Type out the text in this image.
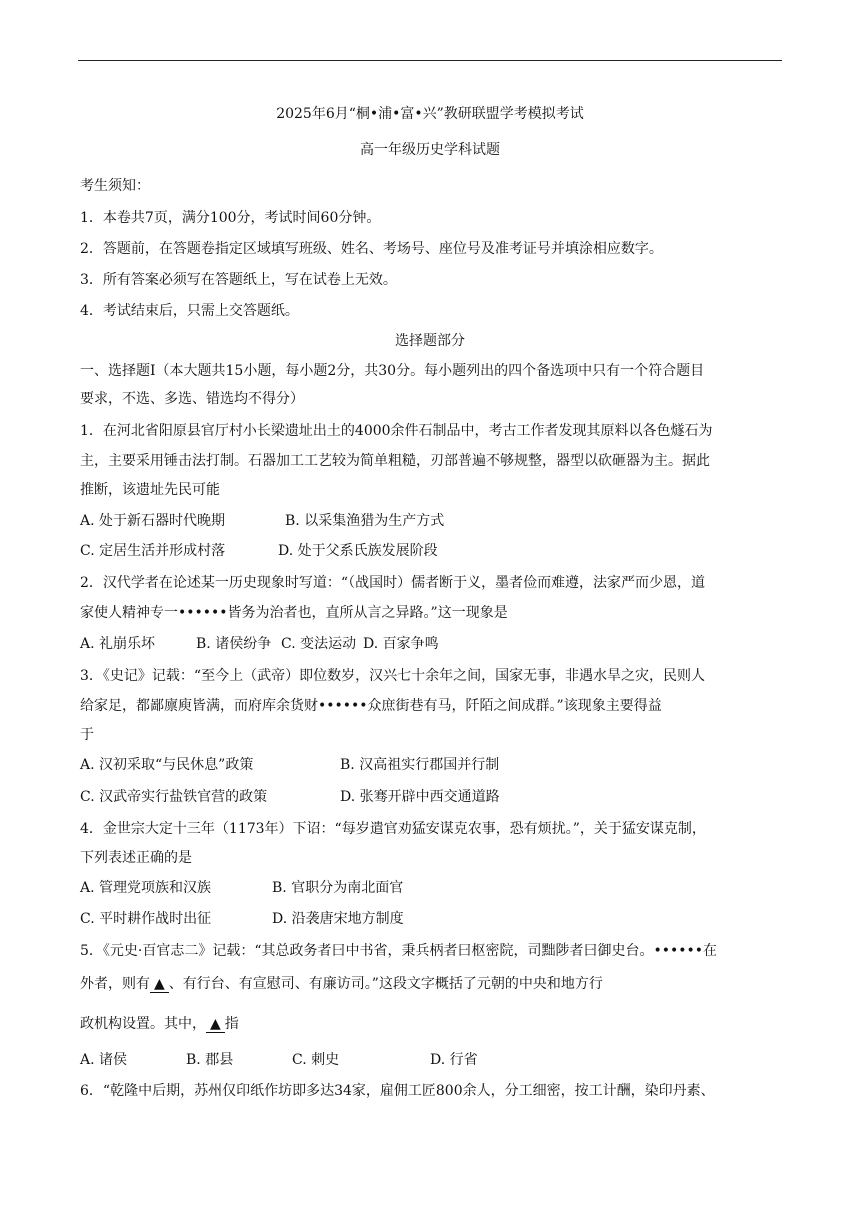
2025年6月“桐•浦•富•兴”教研联盟学考模拟考试
高一年级历史学科试题
考生须知：
1．本卷共7页，满分100分，考试时间60分钟。
2．答题前，在答题卷指定区域填写班级、姓名、考场号、座位号及准考证号并填涂相应数字。
3．所有答案必须写在答题纸上，写在试卷上无效。
4．考试结束后，只需上交答题纸。
选择题部分
一、选择题Ⅰ（本大题共15小题，每小题2分，共30分。每小题列出的四个备选项中只有一个符合题目
要求，不选、多选、错选均不得分）
1．在河北省阳原县官厅村小长梁遗址出土的4000余件石制品中，考古工作者发现其原料以各色燧石为
主，主要采用锤击法打制。石器加工工艺较为简单粗糙，刃部普遍不够规整，器型以砍砸器为主。据此
推断，该遗址先民可能
A. 处于新石器时代晚期	B. 以采集渔猎为生产方式
C. 定居生活并形成村落	D. 处于父系氏族发展阶段
2．汉代学者在论述某一历史现象时写道：“（战国时）儒者断于义，墨者俭而难遵，法家严而少恩，道
家使人精神专一••••••皆务为治者也，直所从言之异路。”这一现象是
A. 礼崩乐坏	B. 诸侯纷争 C. 变法运动 D. 百家争鸣
3．《史记》记载：“至今上（武帝）即位数岁，汉兴七十余年之间，国家无事，非遇水旱之灾，民则人
给家足，都鄙廪庾皆满，而府库余货财••••••众庶街巷有马，阡陌之间成群。”该现象主要得益
于
A. 汉初采取“与民休息”政策	B. 汉高祖实行郡国并行制
C. 汉武帝实行盐铁官营的政策	D. 张骞开辟中西交通道路
4．金世宗大定十三年（1173年）下诏：“每岁遣官劝猛安谋克农事，恐有烦扰。”，关于猛安谋克制，
下列表述正确的是
A. 管理党项族和汉族	B. 官职分为南北面官
C. 平时耕作战时出征	D. 沿袭唐宋地方制度
5．《元史·百官志二》记载：“其总政务者曰中书省，秉兵柄者曰枢密院，司黜陟者曰御史台。••••••在
外者，则有 ▲ 、有行台、有宣慰司、有廉访司。”这段文字概括了元朝的中央和地方行
政机构设置。其中， ▲ 指
A. 诸侯	B. 郡县	C. 刺史	D. 行省
6．“乾隆中后期，苏州仅印纸作坊即多达34家，雇佣工匠800余人，分工细密，按工计酬，染印丹素、
